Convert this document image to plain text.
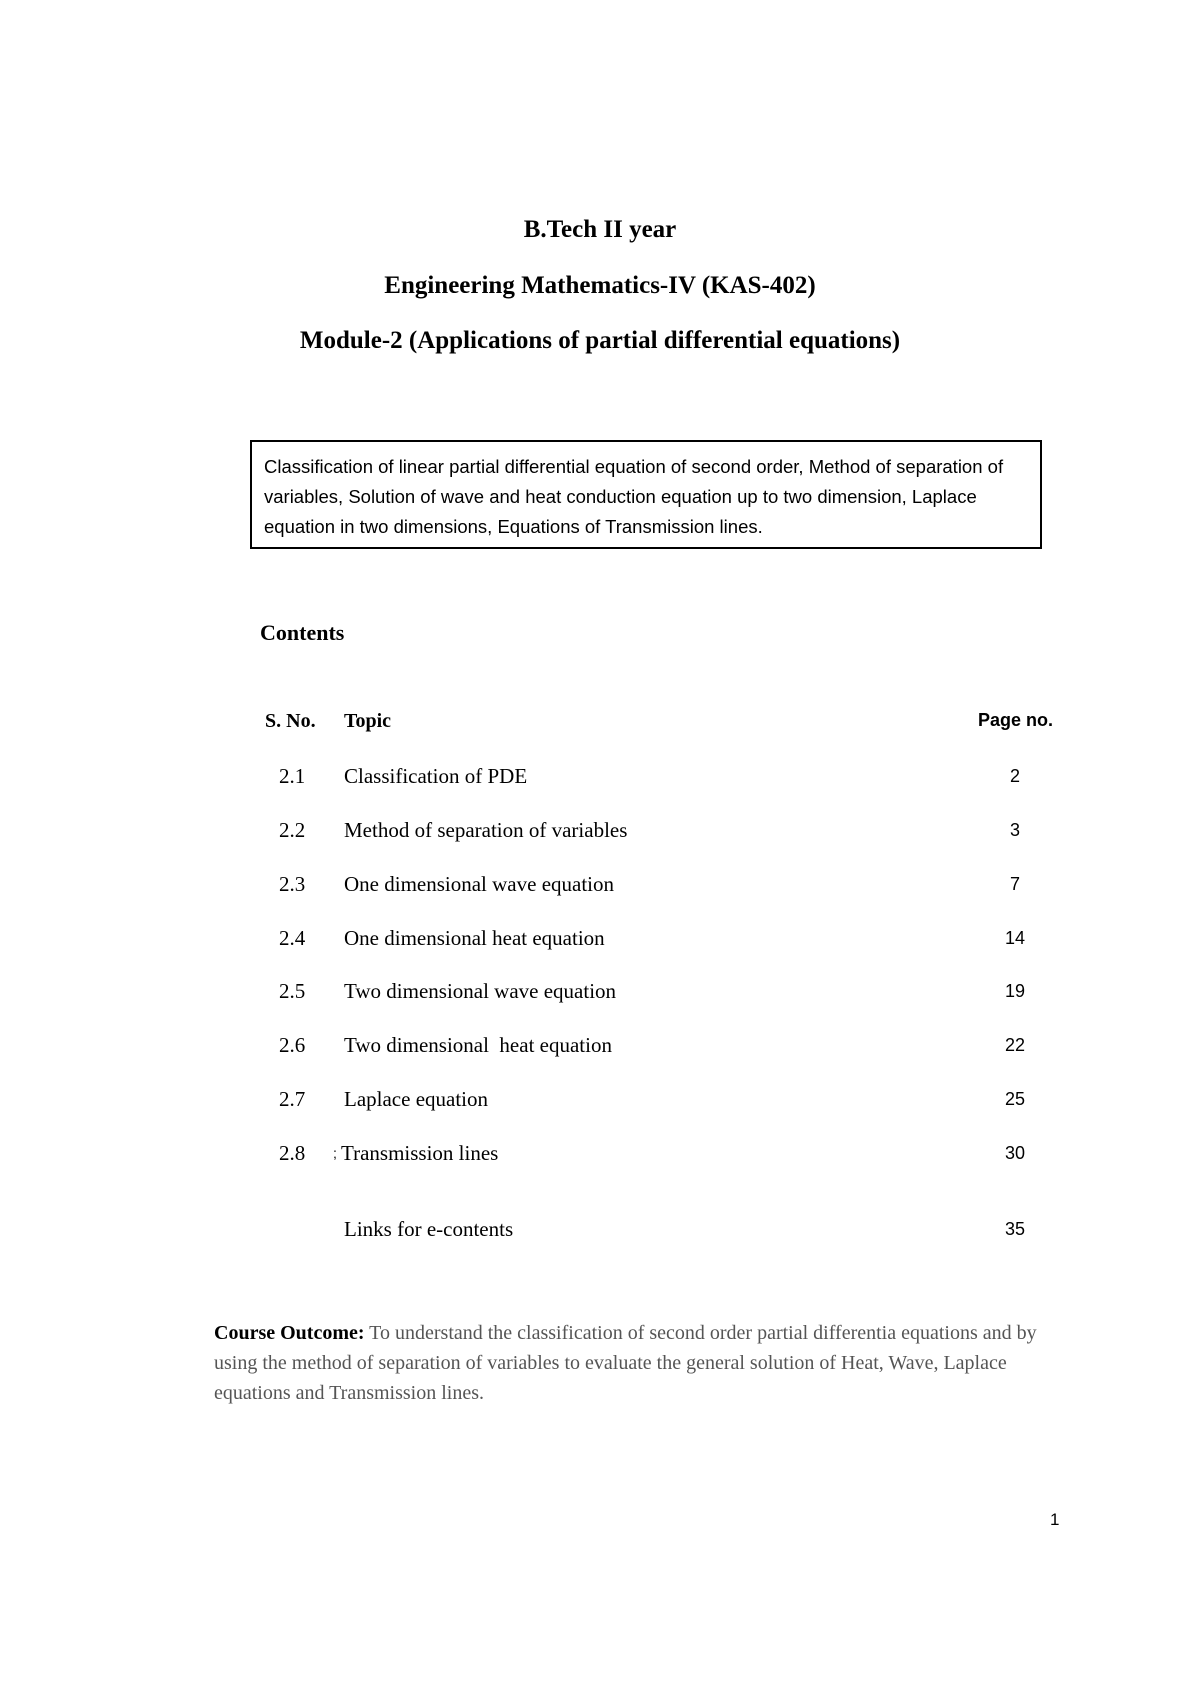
B.Tech II year
Engineering Mathematics-IV (KAS-402)
Module-2 (Applications of partial differential equations)
Classification of linear partial differential equation of second order, Method of separation of variables, Solution of wave and heat conduction equation up to two dimension, Laplace equation in two dimensions, Equations of Transmission lines.
Contents
S. No. Topic	Page no.
2.1 Classification of PDE	2
2.2 Method of separation of variables	3
2.3 One dimensional wave equation	7
2.4 One dimensional heat equation	14
2.5 Two dimensional wave equation	19
2.6 Two dimensional  heat equation	22
2.7 Laplace equation	25
2.8 ; Transmission lines	30
Links for e-contents	35
Course Outcome: To understand the classification of second order partial differentia equations and by using the method of separation of variables to evaluate the general solution of Heat, Wave, Laplace equations and Transmission lines.
1
